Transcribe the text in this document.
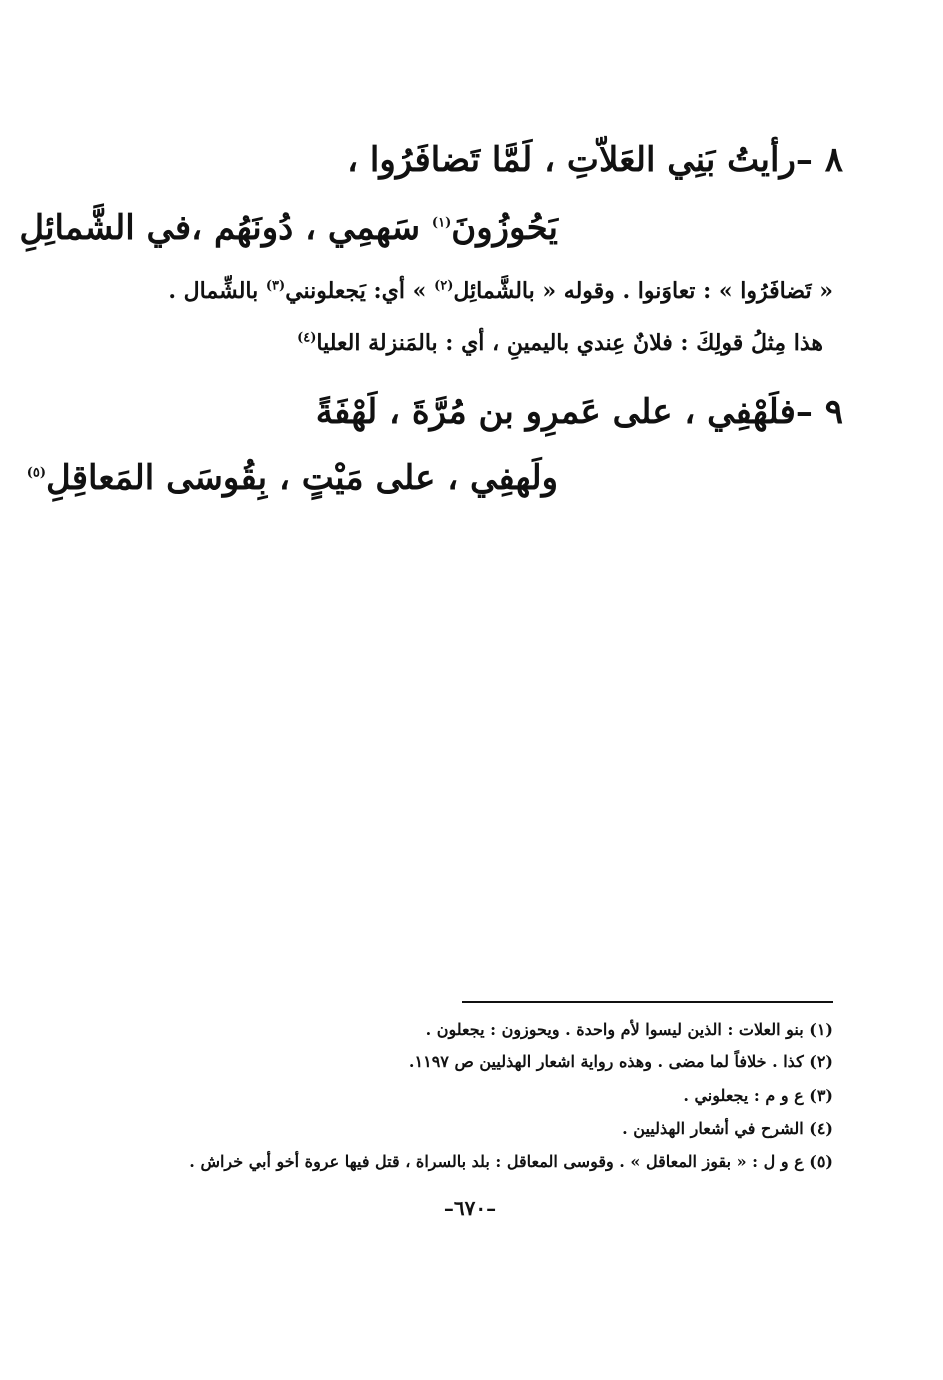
٨ –رأيتُ بَنِي العَلاّتِ ، لَمَّا تَضافَرُوا ،
يَحُوزُونَ$^{(١)}$ سَهمِي ، دُونَهُم ،في الشَّمائِلِ
« تَضافَرُوا » : تعاوَنوا . وقوله « بالشَّمائِل$^{(٢)}$ » أي: يَجعلونني$^{(٣)}$ بالشِّمال .
هذا مِثلُ قولِكَ : فلانٌ عِندي باليمينِ ، أي : بالمَنزلة العليا$^{(٤)}$
٩ –فلَهْفِي ، على عَمرِو بن مُرَّةَ ، لَهْفَةً
ولَهفِي ، على مَيْتٍ ، بِقُوسَى المَعاقِلِ$^{(٥)}$
(١) بنو العلات : الذين ليسوا لأم واحدة . ويحوزون : يجعلون .
(٢) كذا . خلافاً لما مضى . وهذه رواية اشعار الهذليين ص ١١٩٧.
(٣) ع و م : يجعلوني .
(٤) الشرح في أشعار الهذليين .
(٥) ع و ل : « بقوز المعاقل » . وقوسى المعاقل : بلد بالسراة ، قتل فيها عروة أخو أبي خراش .
–٦٧٠–
